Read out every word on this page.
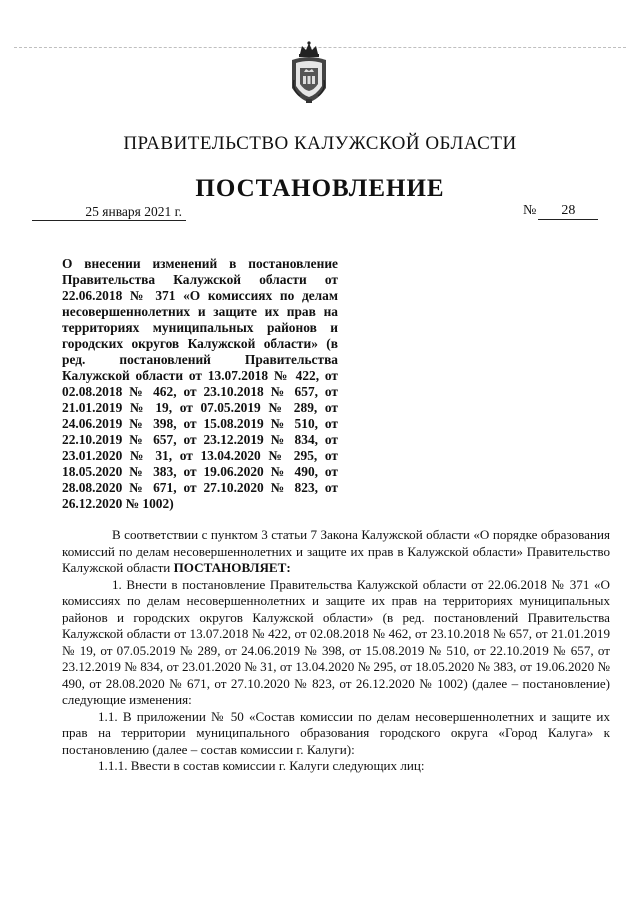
ПРАВИТЕЛЬСТВО КАЛУЖСКОЙ ОБЛАСТИ
ПОСТАНОВЛЕНИЕ
25 января 2021 г.	№ 28
О внесении изменений в постановление Правительства Калужской области от 22.06.2018 № 371 «О комиссиях по делам несовершеннолетних и защите их прав на территориях муниципальных районов и городских округов Калужской области» (в ред. постановлений Правительства Калужской области от 13.07.2018 № 422, от 02.08.2018 № 462, от 23.10.2018 № 657, от 21.01.2019 № 19, от 07.05.2019 № 289, от 24.06.2019 № 398, от 15.08.2019 № 510, от 22.10.2019 № 657, от 23.12.2019 № 834, от 23.01.2020 № 31, от 13.04.2020 № 295, от 18.05.2020 № 383, от 19.06.2020 № 490, от 28.08.2020 № 671, от 27.10.2020 № 823, от 26.12.2020 № 1002)

В соответствии с пунктом 3 статьи 7 Закона Калужской области «О порядке образования комиссий по делам несовершеннолетних и защите их прав в Калужской области» Правительство Калужской области ПОСТАНОВЛЯЕТ:

1. Внести в постановление Правительства Калужской области от 22.06.2018 № 371 «О комиссиях по делам несовершеннолетних и защите их прав на территориях муниципальных районов и городских округов Калужской области» (в ред. постановлений Правительства Калужской области от 13.07.2018 № 422, от 02.08.2018 № 462, от 23.10.2018 № 657, от 21.01.2019 № 19, от 07.05.2019 № 289, от 24.06.2019 № 398, от 15.08.2019 № 510, от 22.10.2019 № 657, от 23.12.2019 № 834, от 23.01.2020 № 31, от 13.04.2020 № 295, от 18.05.2020 № 383, от 19.06.2020 № 490, от 28.08.2020 № 671, от 27.10.2020 № 823, от 26.12.2020 № 1002) (далее – постановление) следующие изменения:

1.1. В приложении № 50 «Состав комиссии по делам несовершеннолетних и защите их прав на территории муниципального образования городского округа «Город Калуга» к постановлению (далее – состав комиссии г. Калуги):

1.1.1. Ввести в состав комиссии г. Калуги следующих лиц:
